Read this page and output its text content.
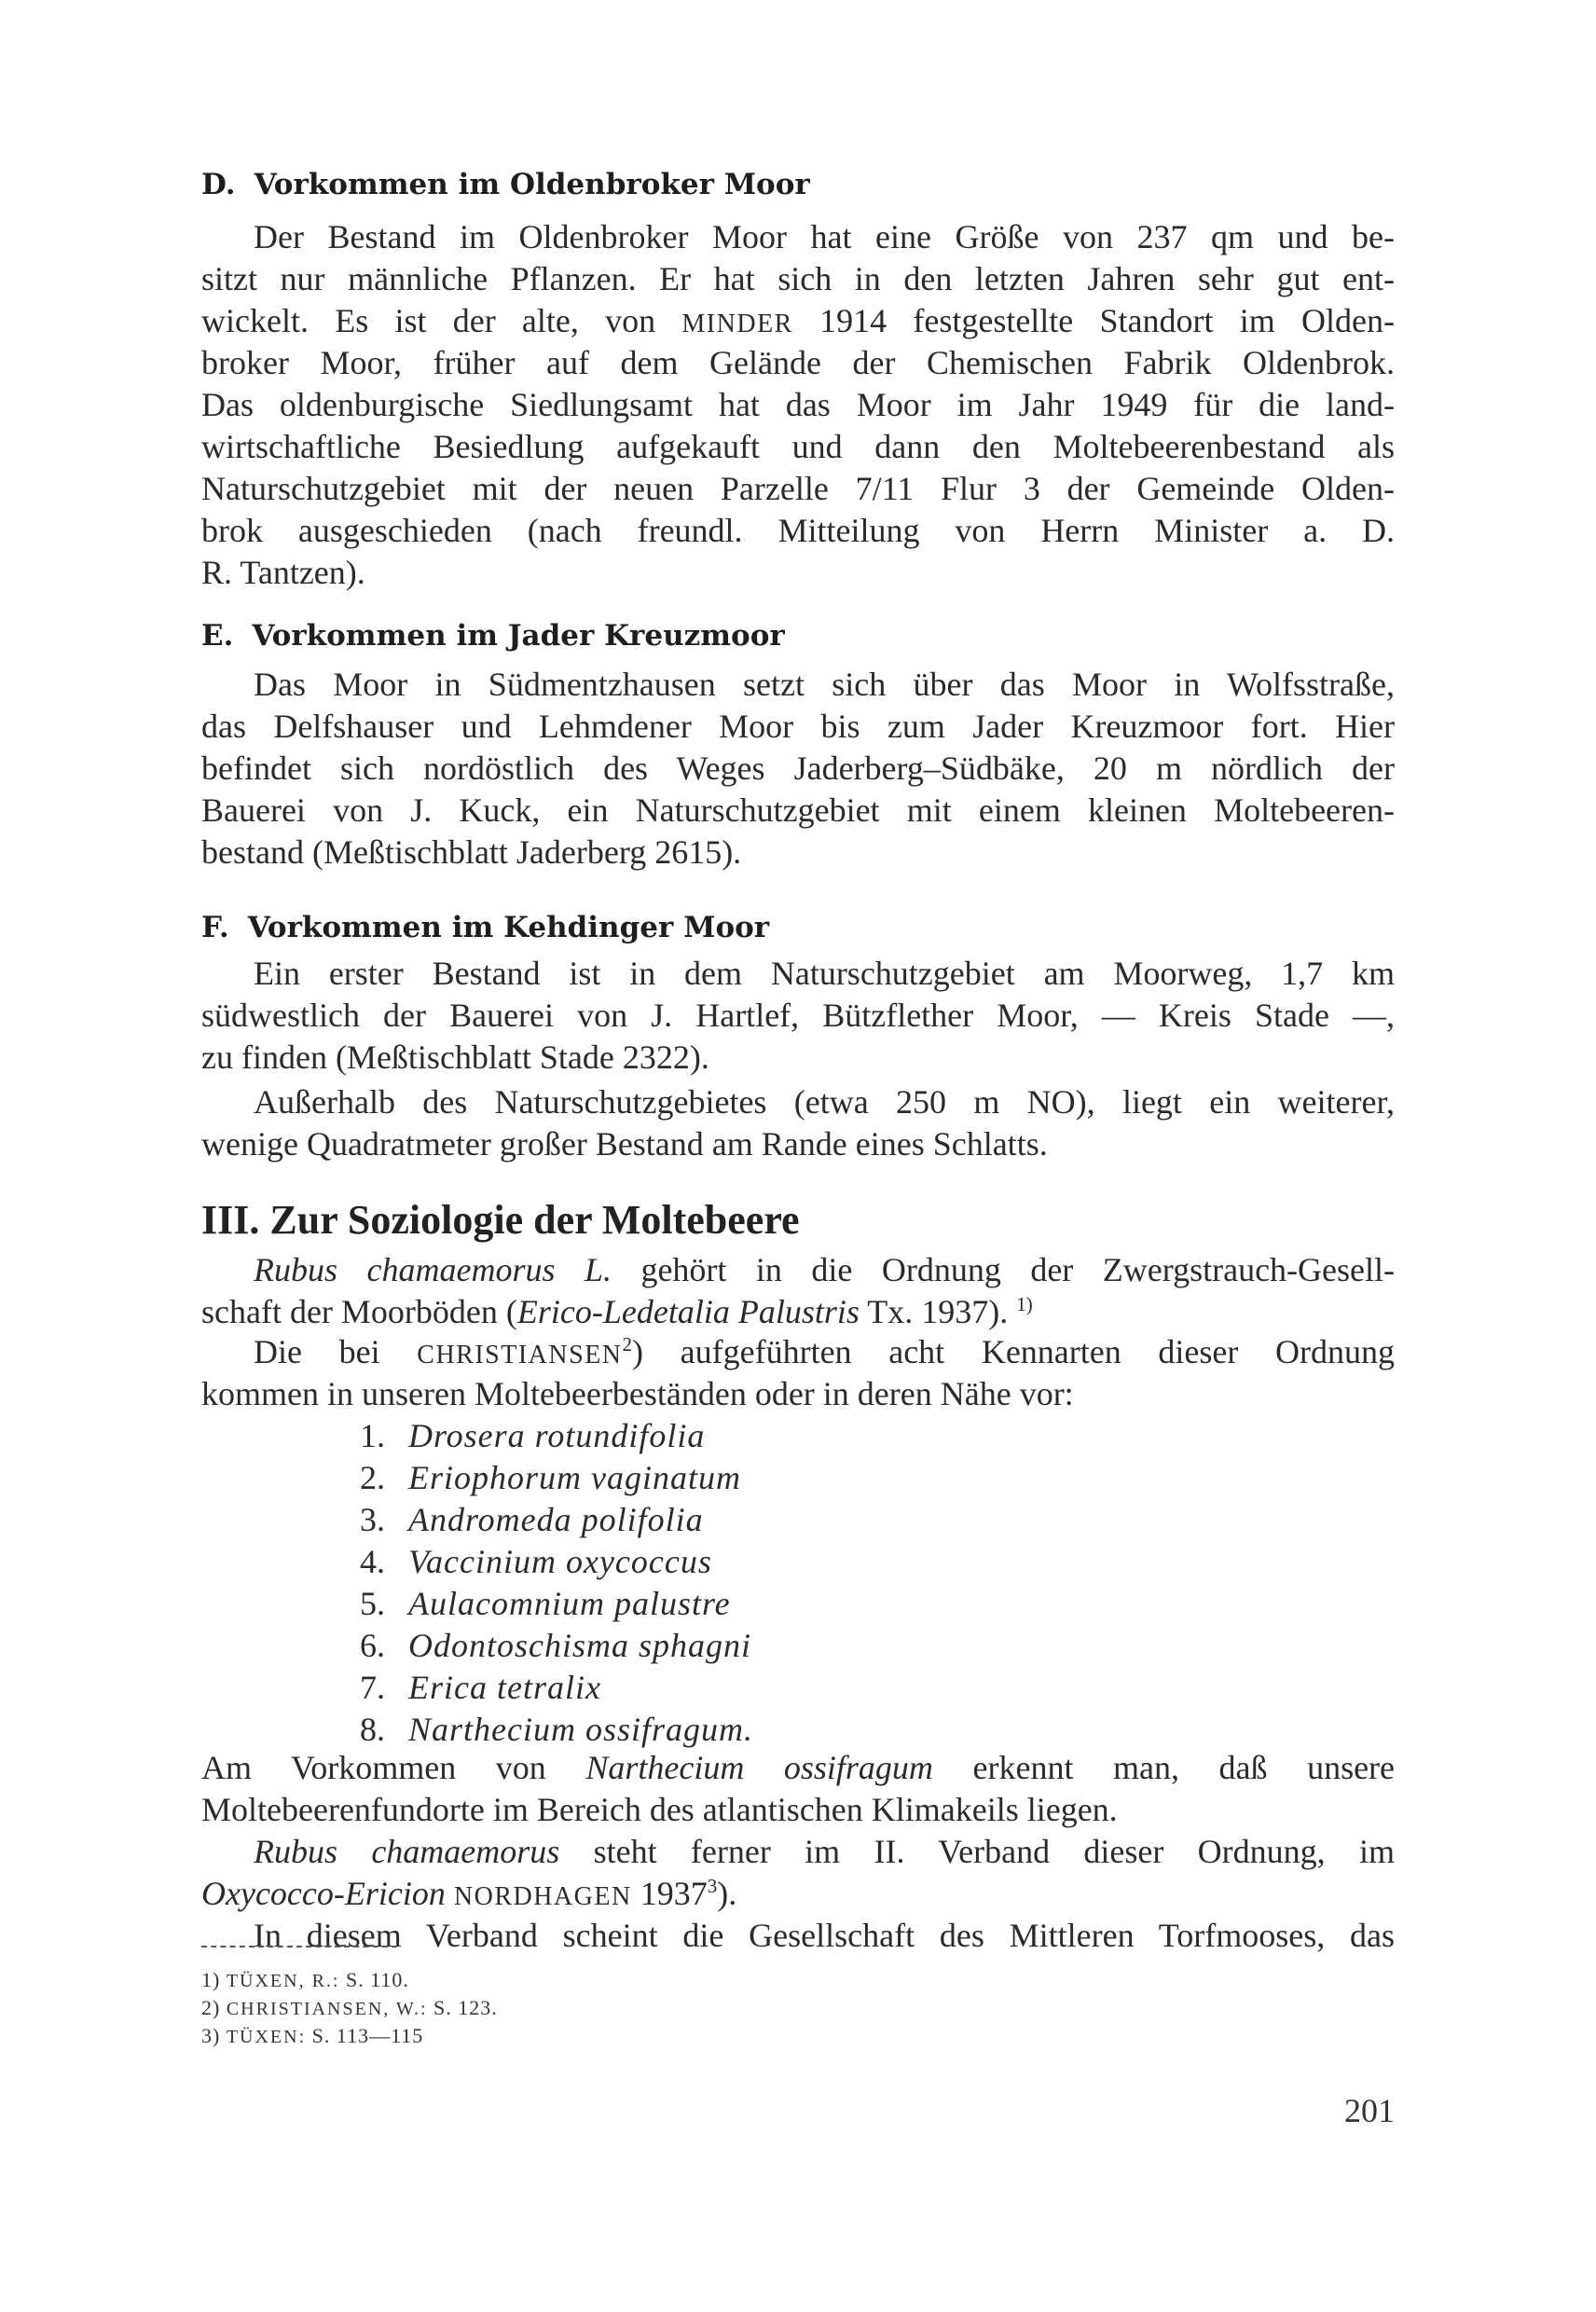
D. Vorkommen im Oldenbroker Moor

Der Bestand im Oldenbroker Moor hat eine Größe von 237 qm und be-

sitzt nur männliche Pflanzen. Er hat sich in den letzten Jahren sehr gut ent-

wickelt. Es ist der alte, von MINDER 1914 festgestellte Standort im Olden-

broker Moor, früher auf dem Gelände der Chemischen Fabrik Oldenbrok.

Das oldenburgische Siedlungsamt hat das Moor im Jahr 1949 für die land-

wirtschaftliche Besiedlung aufgekauft und dann den Moltebeerenbestand als

Naturschutzgebiet mit der neuen Parzelle 7/11 Flur 3 der Gemeinde Olden-

brok ausgeschieden (nach freundl. Mitteilung von Herrn Minister a. D.

R. Tantzen).

E. Vorkommen im Jader Kreuzmoor

Das Moor in Südmentzhausen setzt sich über das Moor in Wolfsstraße,

das Delfshauser und Lehmdener Moor bis zum Jader Kreuzmoor fort. Hier

befindet sich nordöstlich des Weges Jaderberg–Südbäke, 20 m nördlich der

Bauerei von J. Kuck, ein Naturschutzgebiet mit einem kleinen Moltebeeren-

bestand (Meßtischblatt Jaderberg 2615).

F. Vorkommen im Kehdinger Moor

Ein erster Bestand ist in dem Naturschutzgebiet am Moorweg, 1,7 km

südwestlich der Bauerei von J. Hartlef, Bützflether Moor, — Kreis Stade —,

zu finden (Meßtischblatt Stade 2322).

Außerhalb des Naturschutzgebietes (etwa 250 m NO), liegt ein weiterer,

wenige Quadratmeter großer Bestand am Rande eines Schlatts.

III. Zur Soziologie der Moltebeere

Rubus chamaemorus L. gehört in die Ordnung der Zwergstrauch-Gesell-

schaft der Moorböden (Erico-Ledetalia Palustris Tx. 1937). $^{1)}$

Die bei CHRISTIANSEN$^2$) aufgeführten acht Kennarten dieser Ordnung

kommen in unseren Moltebeerbeständen oder in deren Nähe vor:

1. Drosera rotundifolia
2. Eriophorum vaginatum
3. Andromeda polifolia
4. Vaccinium oxycoccus
5. Aulacomnium palustre
6. Odontoschisma sphagni
7. Erica tetralix
8. Narthecium ossifragum.

Am Vorkommen von Narthecium ossifragum erkennt man, daß unsere

Moltebeerenfundorte im Bereich des atlantischen Klimakeils liegen.

Rubus chamaemorus steht ferner im II. Verband dieser Ordnung, im

Oxycocco-Ericion NORDHAGEN 1937$^3$).

In diesem Verband scheint die Gesellschaft des Mittleren Torfmooses, das

1) TÜXEN, R.: S. 110.

2) CHRISTIANSEN, W.: S. 123.

3) TÜXEN: S. 113—115

201
